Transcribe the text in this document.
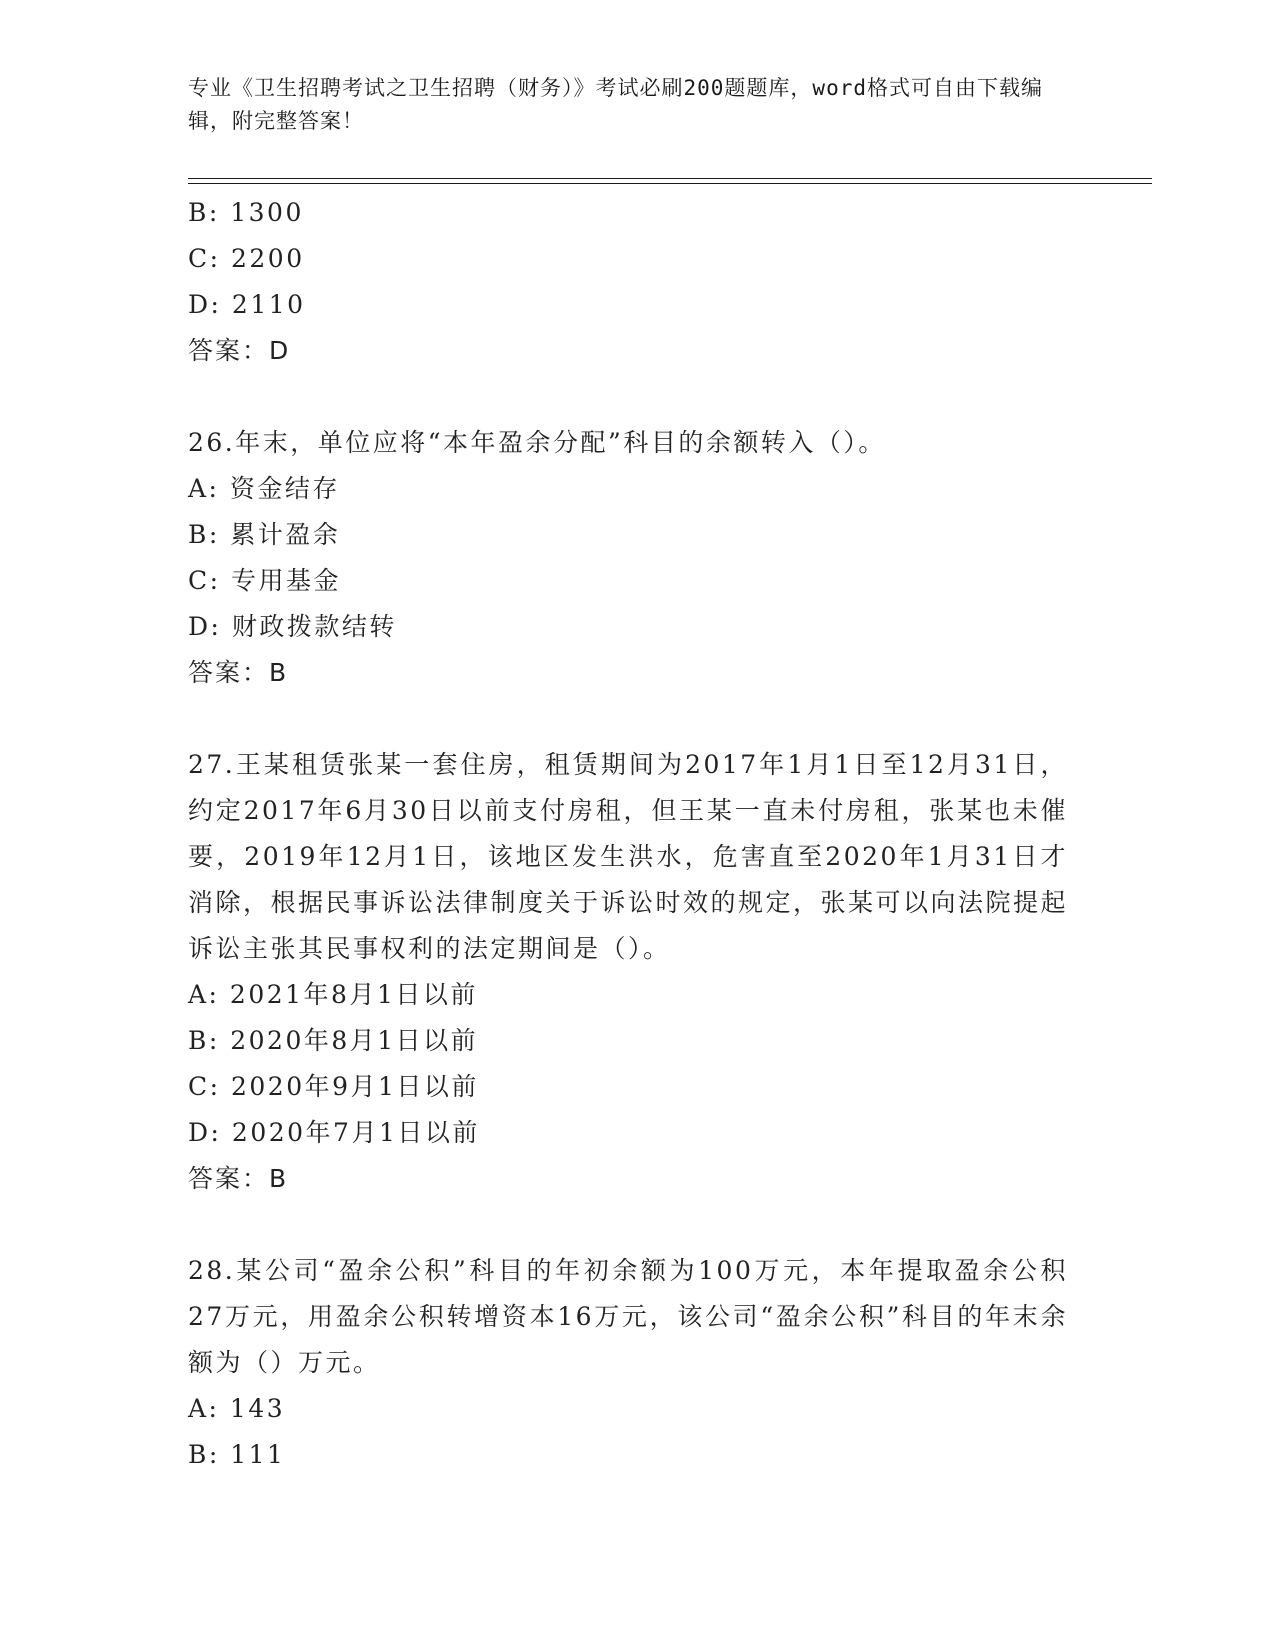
专业《卫生招聘考试之卫生招聘（财务）》考试必刷200题题库，word格式可自由下载编辑，附完整答案！
B: 1300
C: 2200
D: 2110
答案：D
26.年末，单位应将“本年盈余分配”科目的余额转入（）。
A: 资金结存
B: 累计盈余
C: 专用基金
D: 财政拨款结转
答案：B
27.王某租赁张某一套住房，租赁期间为2017年1月1日至12月31日，约定2017年6月30日以前支付房租，但王某一直未付房租，张某也未催要，2019年12月1日，该地区发生洪水，危害直至2020年1月31日才消除，根据民事诉讼法律制度关于诉讼时效的规定，张某可以向法院提起诉讼主张其民事权利的法定期间是（）。
A: 2021年8月1日以前
B: 2020年8月1日以前
C: 2020年9月1日以前
D: 2020年7月1日以前
答案：B
28.某公司“盈余公积”科目的年初余额为100万元，本年提取盈余公积27万元，用盈余公积转增资本16万元，该公司“盈余公积”科目的年末余额为（）万元。
A: 143
B: 111
